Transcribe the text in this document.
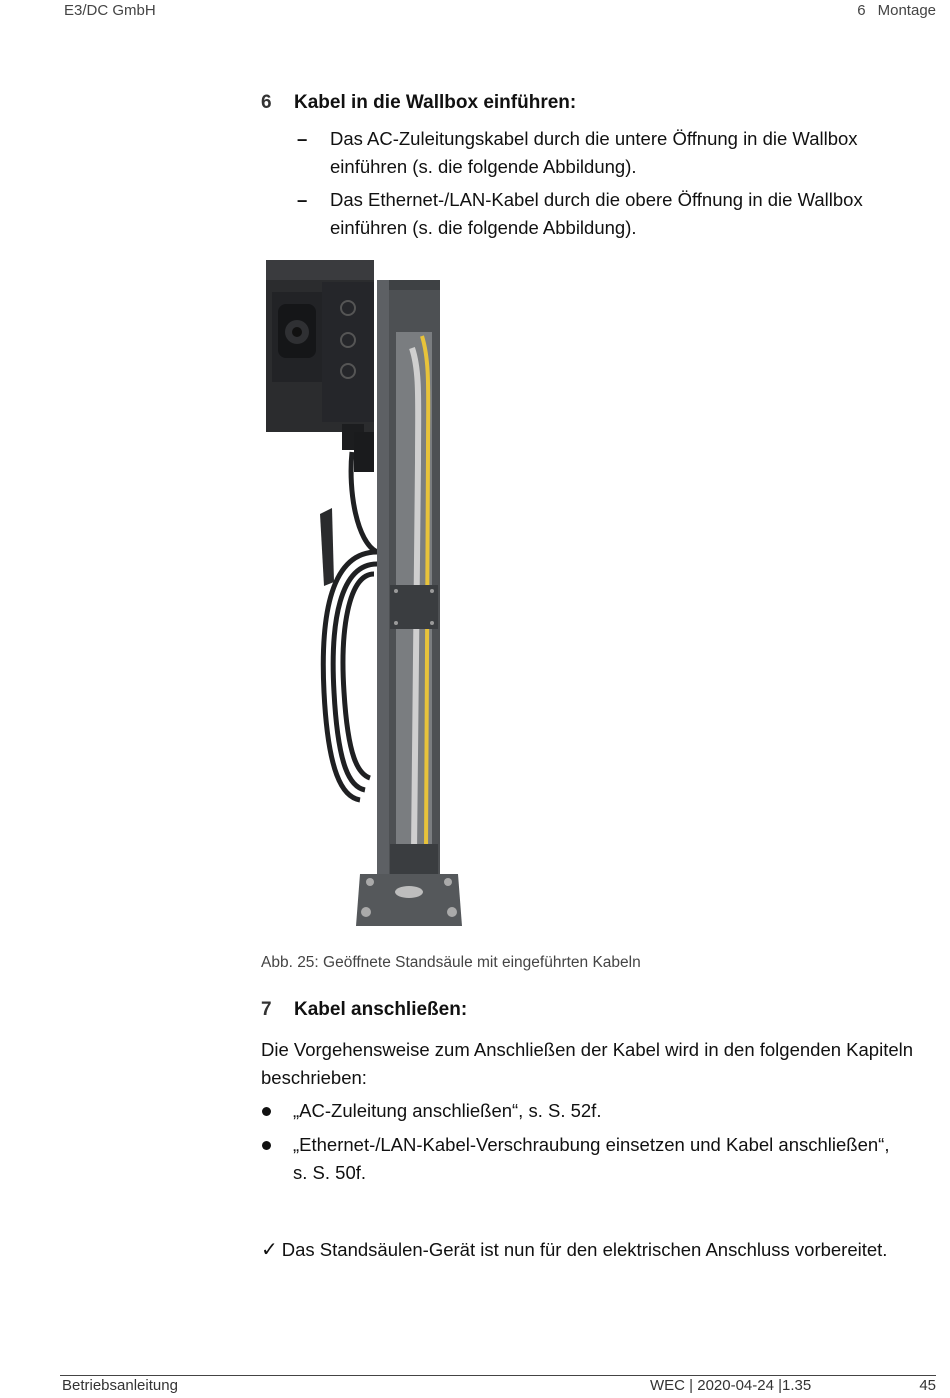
E3/DC GmbH	6 Montage
6 Kabel in die Wallbox einführen:
– Das AC-Zuleitungskabel durch die untere Öffnung in die Wallbox einführen (s. die folgende Abbildung).
– Das Ethernet-/LAN-Kabel durch die obere Öffnung in die Wallbox einführen (s. die folgende Abbildung).
Abb. 25: Geöffnete Standsäule mit eingeführten Kabeln
7 Kabel anschließen:
Die Vorgehensweise zum Anschließen der Kabel wird in den folgenden Kapiteln beschrieben:
„AC-Zuleitung anschließen“, s. S. 52f.
„Ethernet-/LAN-Kabel-Verschraubung einsetzen und Kabel anschließen“, s. S. 50f.
✓ Das Standsäulen-Gerät ist nun für den elektrischen Anschluss vorbereitet.
Betriebsanleitung	WEC | 2020-04-24 |1.35	45
